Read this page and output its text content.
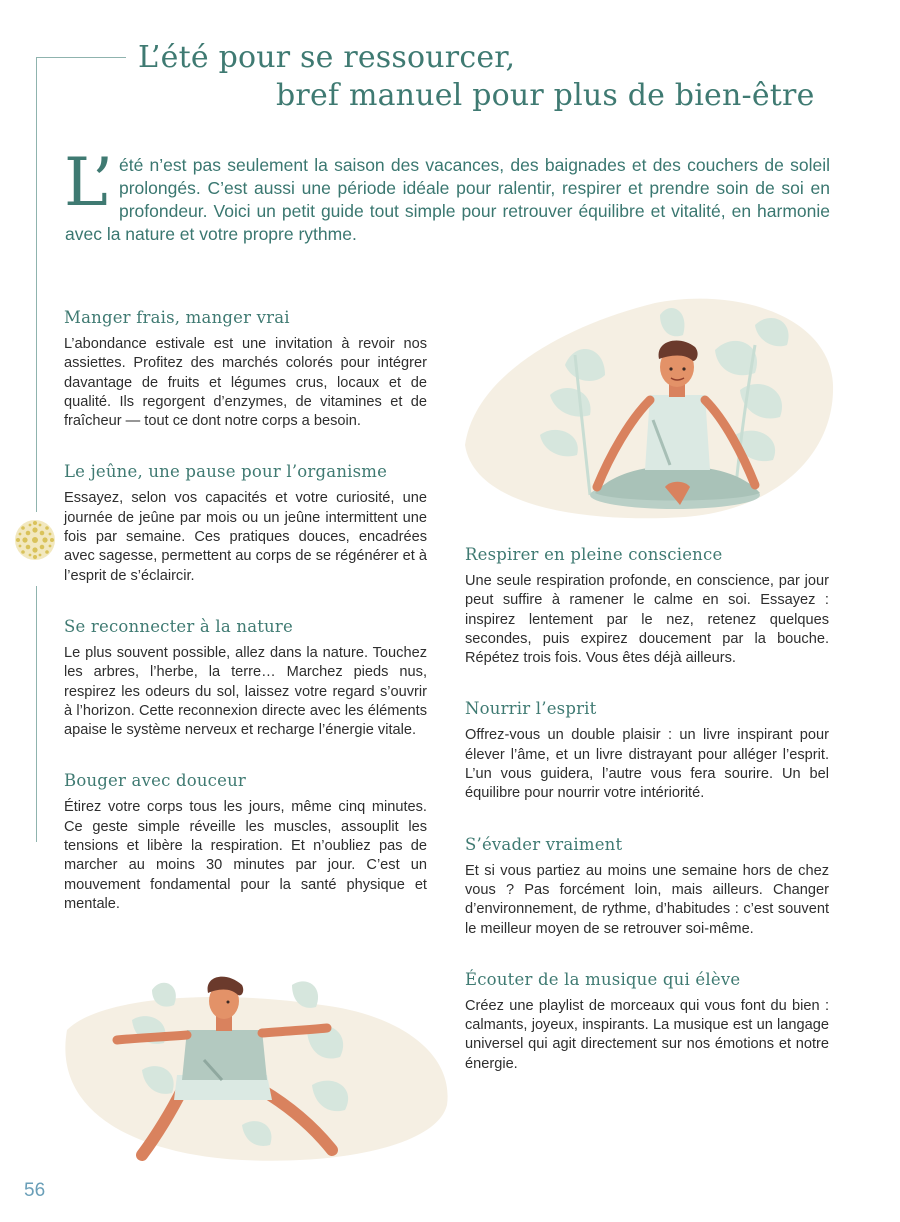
L’été pour se ressourcer,
bref manuel pour plus de bien-être

L’ été n’est pas seulement la saison des vacances, des baignades et des couchers de soleil prolongés. C’est aussi une période idéale pour ralentir, respirer et prendre soin de soi en profondeur. Voici un petit guide tout simple pour retrouver équilibre et vitalité, en harmonie avec la nature et votre propre rythme.

Manger frais, manger vrai

L’abondance estivale est une invitation à revoir nos assiettes. Profitez des marchés colorés pour intégrer davantage de fruits et légumes crus, locaux et de qualité. Ils regorgent d’enzymes, de vitamines et de fraîcheur — tout ce dont notre corps a besoin.

Le jeûne, une pause pour l’organisme

Essayez, selon vos capacités et votre curiosité, une journée de jeûne par mois ou un jeûne intermittent une fois par semaine. Ces pratiques douces, encadrées avec sagesse, permettent au corps de se régénérer et à l’esprit de s’éclaircir.

Se reconnecter à la nature

Le plus souvent possible, allez dans la nature. Touchez les arbres, l’herbe, la terre… Marchez pieds nus, respirez les odeurs du sol, laissez votre regard s’ouvrir à l’horizon. Cette reconnexion directe avec les éléments apaise le système nerveux et recharge l’énergie vitale.

Bouger avec douceur

Étirez votre corps tous les jours, même cinq minutes. Ce geste simple réveille les muscles, assouplit les tensions et libère la respiration. Et n’oubliez pas de marcher au moins 30 minutes par jour. C’est un mouvement fondamental pour la santé physique et mentale.

Respirer en pleine conscience

Une seule respiration profonde, en conscience, par jour peut suffire à ramener le calme en soi. Essayez : inspirez lentement par le nez, retenez quelques secondes, puis expirez doucement par la bouche. Répétez trois fois. Vous êtes déjà ailleurs.

Nourrir l’esprit

Offrez-vous un double plaisir : un livre inspirant pour élever l’âme, et un livre distrayant pour alléger l’esprit. L’un vous guidera, l’autre vous fera sourire. Un bel équilibre pour nourrir votre intériorité.

S’évader vraiment

Et si vous partiez au moins une semaine hors de chez vous ? Pas forcément loin, mais ailleurs. Changer d’environnement, de rythme, d’habitudes : c’est souvent le meilleur moyen de se retrouver soi-même.

Écouter de la musique qui élève

Créez une playlist de morceaux qui vous font du bien : calmants, joyeux, inspirants. La musique est un langage universel qui agit directement sur nos émotions et notre énergie.

56
